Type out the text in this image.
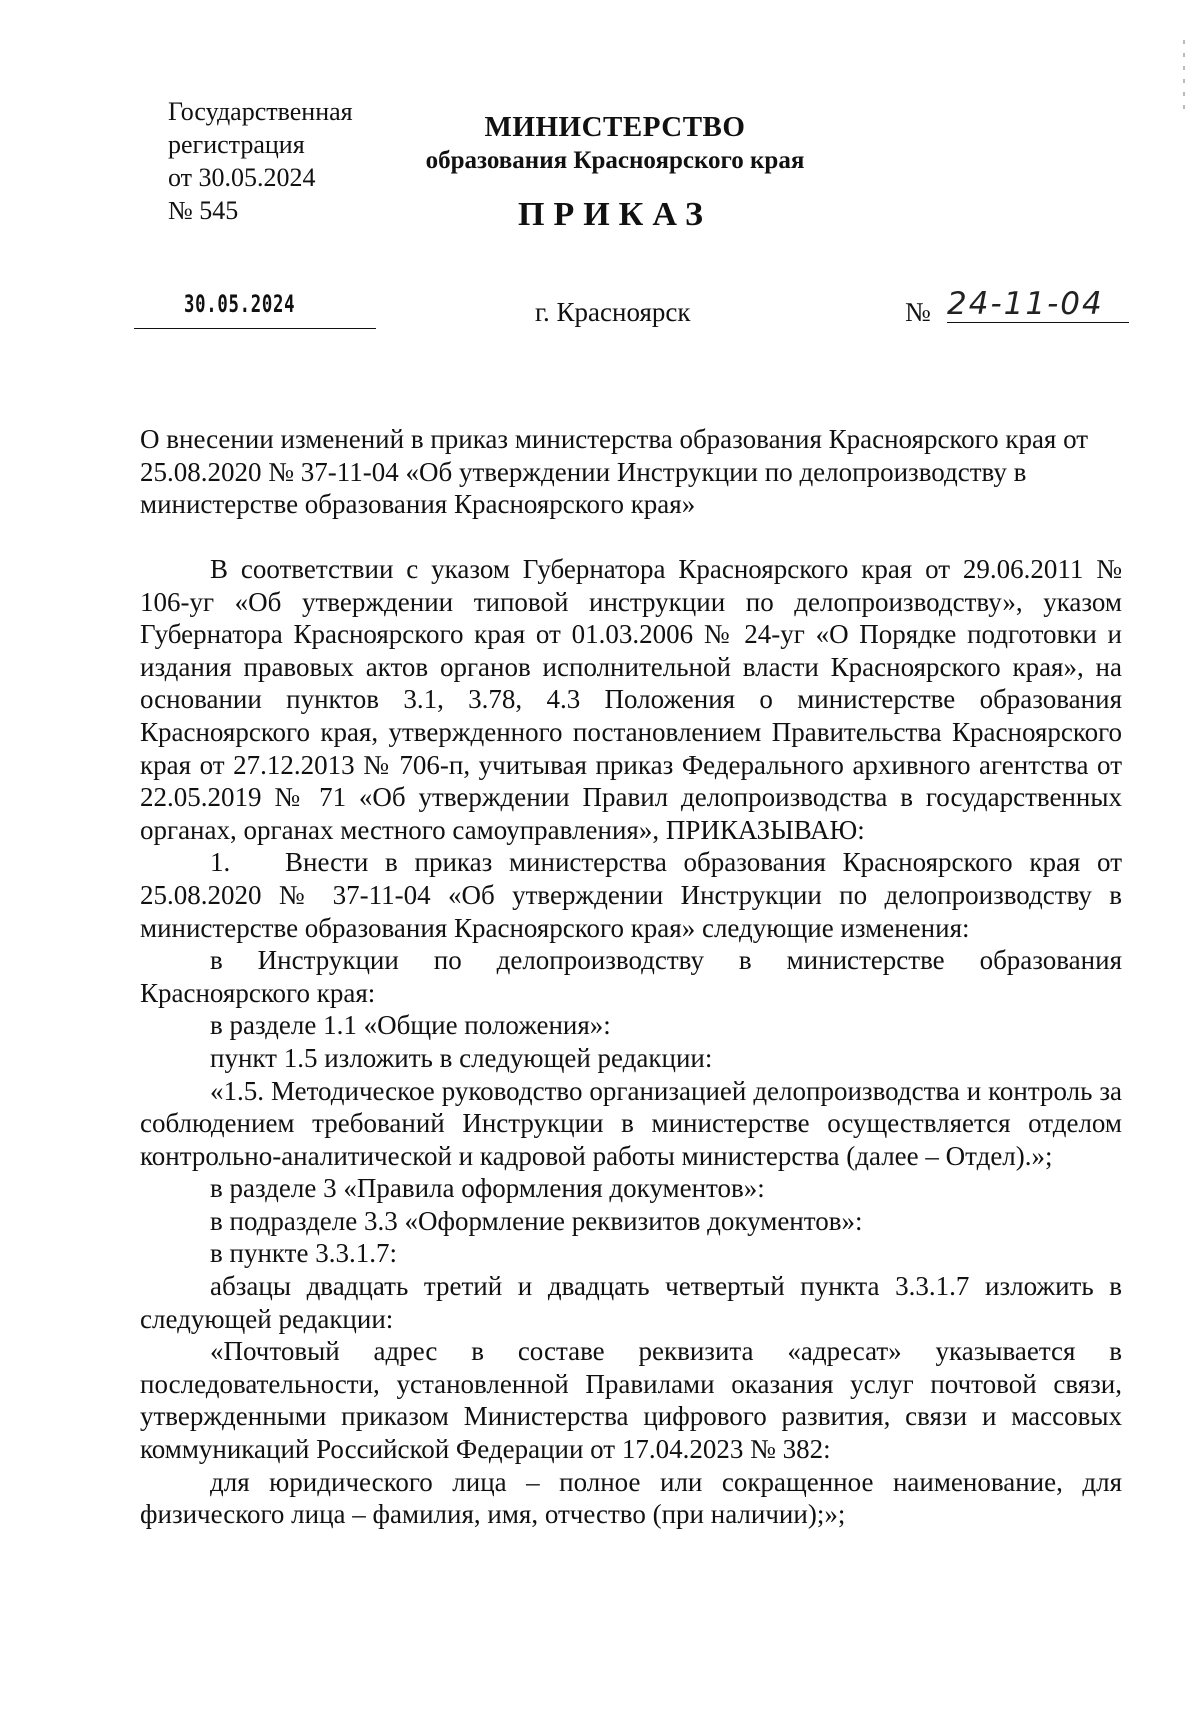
Государственная
регистрация
от 30.05.2024
№ 545
МИНИСТЕРСТВО
образования Красноярского края
ПРИКАЗ
30.05.2024	г. Красноярск	№ 24-11-04
О внесении изменений в приказ министерства образования Красноярского края от 25.08.2020 № 37-11-04 «Об утверждении Инструкции по делопроизводству в министерстве образования Красноярского края»

В соответствии с указом Губернатора Красноярского края от 29.06.2011 № 106-уг «Об утверждении типовой инструкции по делопроизводству», указом Губернатора Красноярского края от 01.03.2006 № 24-уг «О Порядке подготовки и издания правовых актов органов исполнительной власти Красноярского края», на основании пунктов 3.1, 3.78, 4.3 Положения о министерстве образования Красноярского края, утвержденного постановлением Правительства Красноярского края от 27.12.2013 № 706-п, учитывая приказ Федерального архивного агентства от 22.05.2019 № 71 «Об утверждении Правил делопроизводства в государственных органах, органах местного самоуправления», ПРИКАЗЫВАЮ:

1. Внести в приказ министерства образования Красноярского края от 25.08.2020 № 37-11-04 «Об утверждении Инструкции по делопроизводству в министерстве образования Красноярского края» следующие изменения:

в Инструкции по делопроизводству в министерстве образования Красноярского края:

в разделе 1.1 «Общие положения»:

пункт 1.5 изложить в следующей редакции:

«1.5. Методическое руководство организацией делопроизводства и контроль за соблюдением требований Инструкции в министерстве осуществляется отделом контрольно-аналитической и кадровой работы министерства (далее – Отдел).»;

в разделе 3 «Правила оформления документов»:

в подразделе 3.3 «Оформление реквизитов документов»:

в пункте 3.3.1.7:

абзацы двадцать третий и двадцать четвертый пункта 3.3.1.7 изложить в следующей редакции:

«Почтовый адрес в составе реквизита «адресат» указывается в последовательности, установленной Правилами оказания услуг почтовой связи, утвержденными приказом Министерства цифрового развития, связи и массовых коммуникаций Российской Федерации от 17.04.2023 № 382:

для юридического лица – полное или сокращенное наименование, для физического лица – фамилия, имя, отчество (при наличии);»;
